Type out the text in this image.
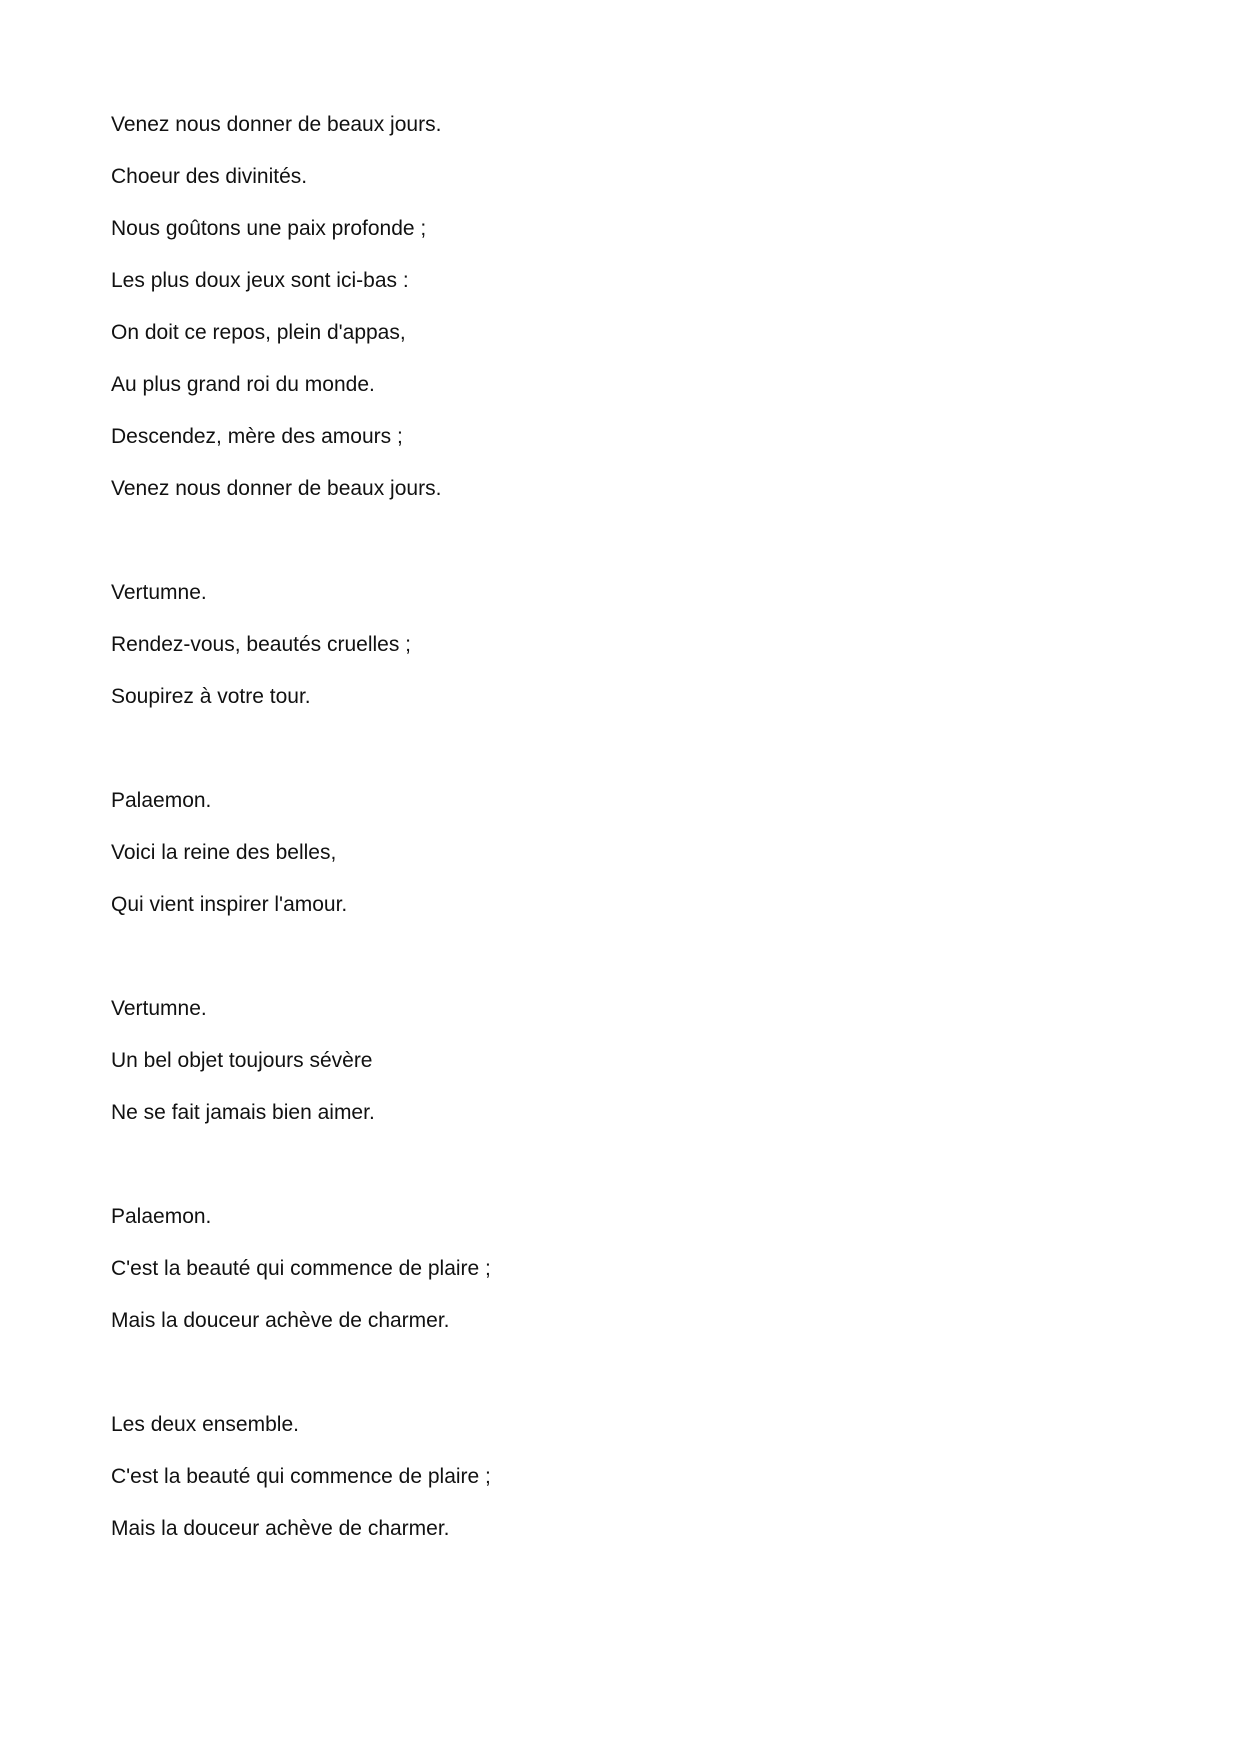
Venez nous donner de beaux jours.
Choeur des divinités.
Nous goûtons une paix profonde ;
Les plus doux jeux sont ici-bas :
On doit ce repos, plein d'appas,
Au plus grand roi du monde.
Descendez, mère des amours ;
Venez nous donner de beaux jours.
Vertumne.
Rendez-vous, beautés cruelles ;
Soupirez à votre tour.
Palaemon.
Voici la reine des belles,
Qui vient inspirer l'amour.
Vertumne.
Un bel objet toujours sévère
Ne se fait jamais bien aimer.
Palaemon.
C'est la beauté qui commence de plaire ;
Mais la douceur achève de charmer.
Les deux ensemble.
C'est la beauté qui commence de plaire ;
Mais la douceur achève de charmer.
